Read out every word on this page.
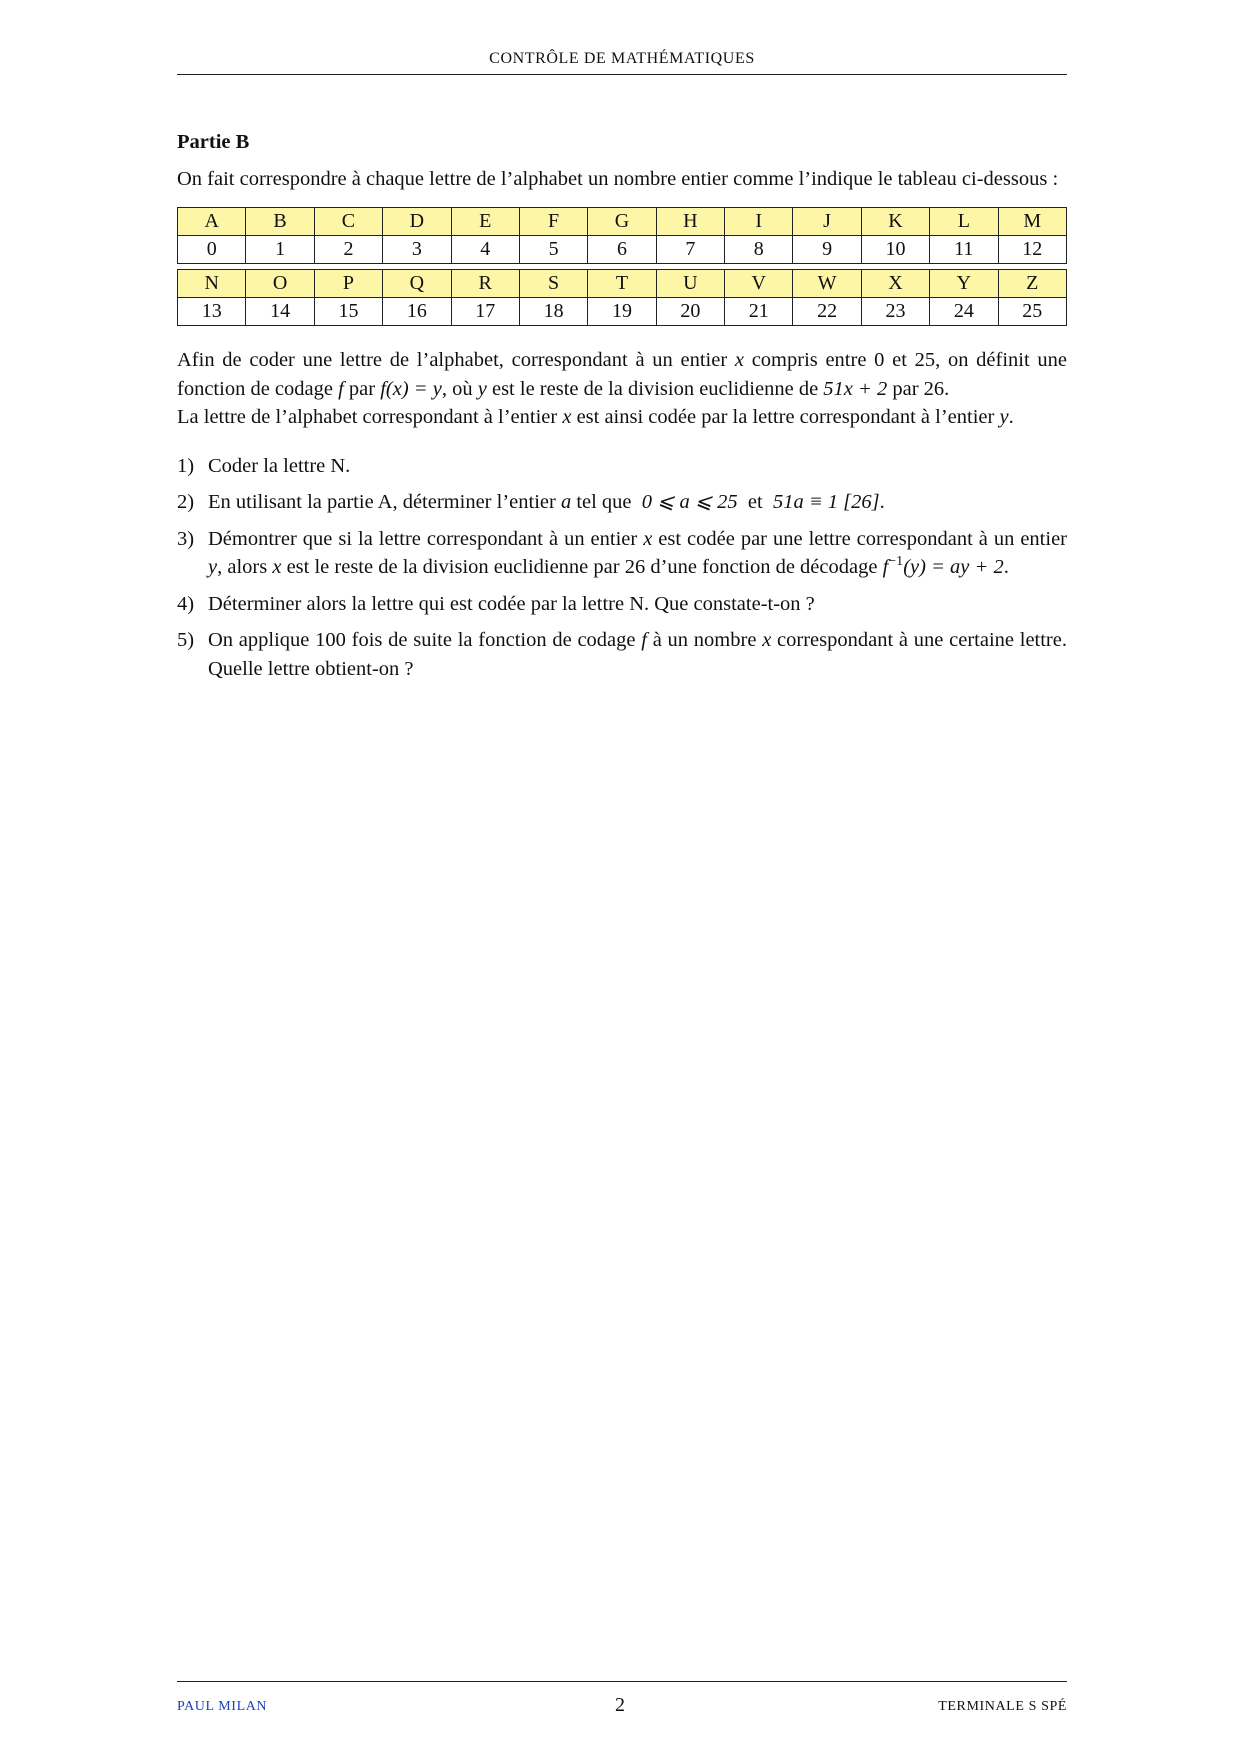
CONTRÔLE DE MATHÉMATIQUES
Partie B

On fait correspondre à chaque lettre de l’alphabet un nombre entier comme l’indique le tableau ci-dessous :

A	B	C	D	E	F	G	H	I	J	K	L	M
0	1	2	3	4	5	6	7	8	9	10	11	12
N	O	P	Q	R	S	T	U	V	W	X	Y	Z
13	14	15	16	17	18	19	20	21	22	23	24	25

Afin de coder une lettre de l’alphabet, correspondant à un entier x compris entre 0 et 25, on définit une fonction de codage f par f(x) = y, où y est le reste de la division euclidienne de 51x + 2 par 26.

La lettre de l’alphabet correspondant à l’entier x est ainsi codée par la lettre correspondant à l’entier y.

1) Coder la lettre N.
2) En utilisant la partie A, déterminer l’entier a tel que  0 ⩽ a ⩽ 25  et  51a ≡ 1 [26].
3) Démontrer que si la lettre correspondant à un entier x est codée par une lettre correspondant à un entier y, alors x est le reste de la division euclidienne par 26 d’une fonction de décodage $f^{-1}(y)$ = ay + 2.
4) Déterminer alors la lettre qui est codée par la lettre N. Que constate-t-on ?
5) On applique 100 fois de suite la fonction de codage f à un nombre x correspondant à une certaine lettre. Quelle lettre obtient-on ?
PAUL MILAN	2	TERMINALE S SPÉ
